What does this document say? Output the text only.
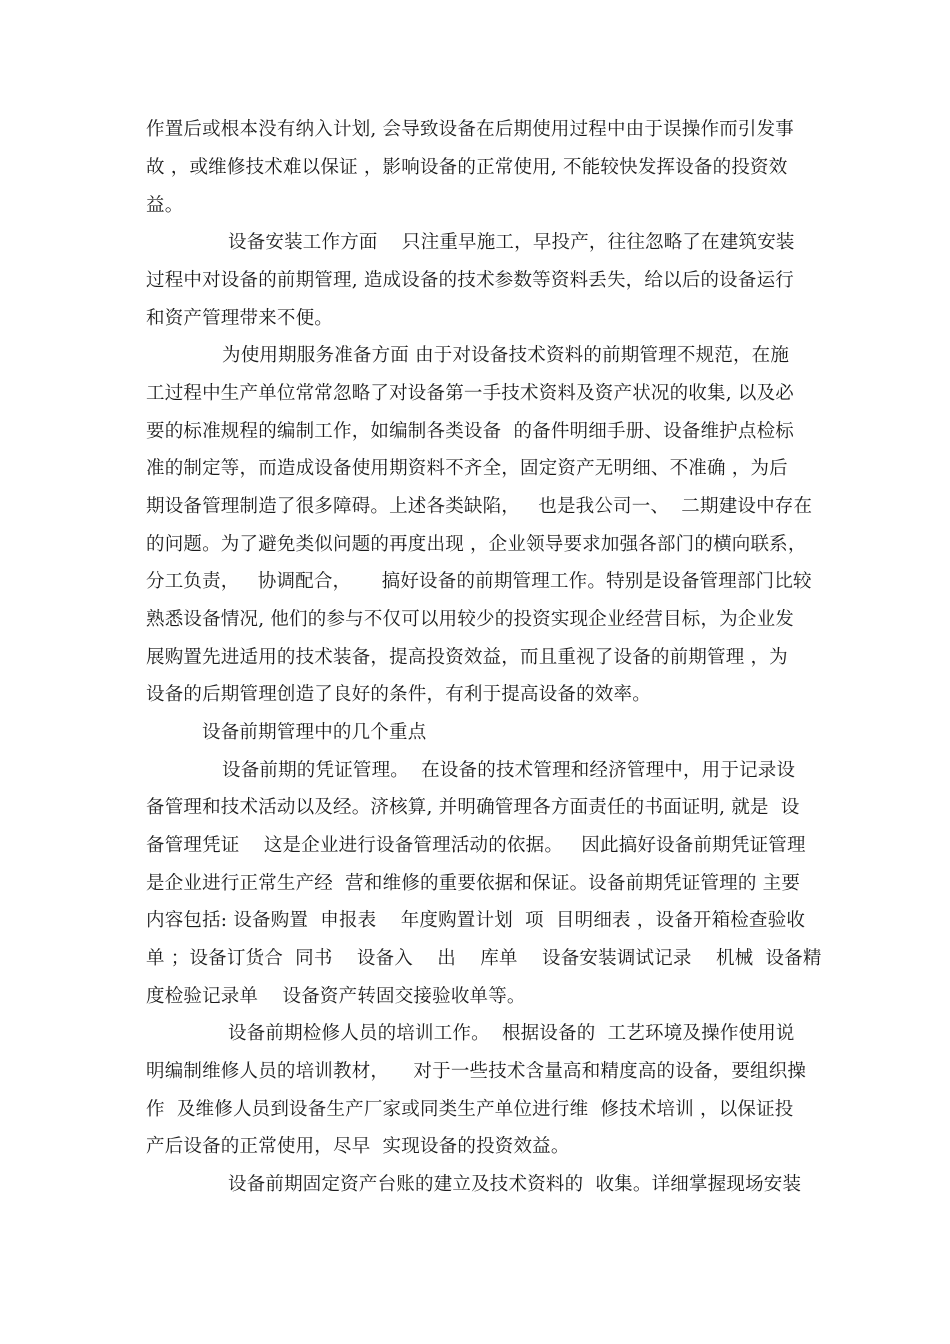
作置后或根本没有纳入计划, 会导致设备在后期使用过程中由于误操作而引发事
故 ，或维修技术难以保证 ，影响设备的正常使用, 不能较快发挥设备的投资效
益。
设备安装工作方面    只注重早施工，早投产，往往忽略了在建筑安装
过程中对设备的前期管理, 造成设备的技术参数等资料丢失，给以后的设备运行
和资产管理带来不便。
为使用期服务准备方面 由于对设备技术资料的前期管理不规范，在施
工过程中生产单位常常忽略了对设备第一手技术资料及资产状况的收集, 以及必
要的标准规程的编制工作，如编制各类设备  的备件明细手册、设备维护点检标
准的制定等，而造成设备使用期资料不齐全，固定资产无明细、不准确 ，为后
期设备管理制造了很多障碍。上述各类缺陷，   也是我公司一、  二期建设中存在
的问题。为了避免类似问题的再度出现 ，企业领导要求加强各部门的横向联系，
分工负责，   协调配合，     搞好设备的前期管理工作。特别是设备管理部门比较
熟悉设备情况, 他们的参与不仅可以用较少的投资实现企业经营目标，为企业发
展购置先进适用的技术装备，提高投资效益，而且重视了设备的前期管理 ，为
设备的后期管理创造了良好的条件，有利于提高设备的效率。
设备前期管理中的几个重点
设备前期的凭证管理。  在设备的技术管理和经济管理中，用于记录设
备管理和技术活动以及经。济核算, 并明确管理各方面责任的书面证明, 就是  设
备管理凭证    这是企业进行设备管理活动的依据。   因此搞好设备前期凭证管理
是企业进行正常生产经  营和维修的重要依据和保证。设备前期凭证管理的 主要
内容包括: 设备购置  申报表    年度购置计划  项  目明细表 ，设备开箱检查验收
单 ；设备订货合  同书    设备入    出    库单    设备安装调试记录    机械  设备精
度检验记录单    设备资产转固交接验收单等。
设备前期检修人员的培训工作。  根据设备的  工艺环境及操作使用说
明编制维修人员的培训教材，    对于一些技术含量高和精度高的设备，要组织操
作  及维修人员到设备生产厂家或同类生产单位进行维  修技术培训 ，以保证投
产后设备的正常使用，尽早  实现设备的投资效益。
设备前期固定资产台账的建立及技术资料的  收集。详细掌握现场安装
